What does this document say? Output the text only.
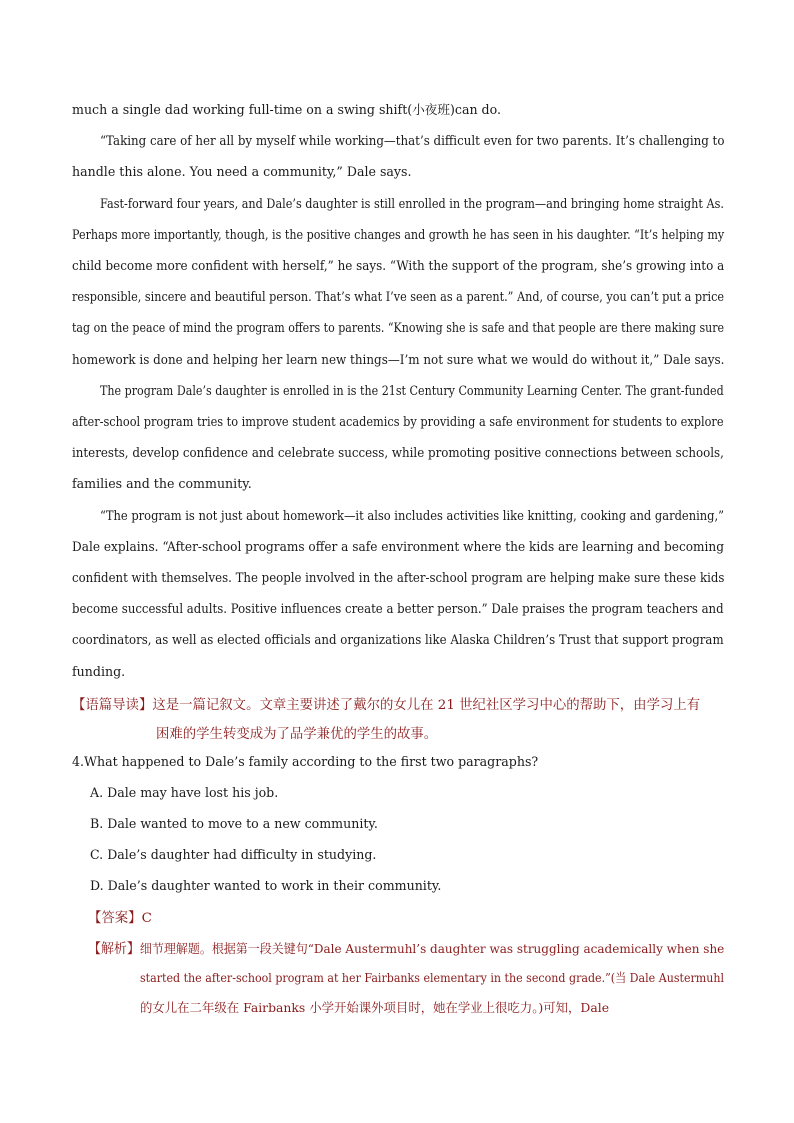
much a single dad working full-time on a swing shift(小夜班)can do.
“Taking care of her all by myself while working—that’s difficult even for two parents. It’s challenging to
handle this alone. You need a community,” Dale says.
Fast-forward four years, and Dale’s daughter is still enrolled in the program—and bringing home straight As.
Perhaps more importantly, though, is the positive changes and growth he has seen in his daughter. “It’s helping my
child become more confident with herself,” he says. “With the support of the program, she’s growing into a
responsible, sincere and beautiful person. That’s what I’ve seen as a parent.” And, of course, you can’t put a price
tag on the peace of mind the program offers to parents. “Knowing she is safe and that people are there making sure
homework is done and helping her learn new things—I’m not sure what we would do without it,” Dale says.
The program Dale’s daughter is enrolled in is the 21st Century Community Learning Center. The grant-funded
after-school program tries to improve student academics by providing a safe environment for students to explore
interests, develop confidence and celebrate success, while promoting positive connections between schools,
families and the community.
“The program is not just about homework—it also includes activities like knitting, cooking and gardening,”
Dale explains. “After-school programs offer a safe environment where the kids are learning and becoming
confident with themselves. The people involved in the after-school program are helping make sure these kids
become successful adults. Positive influences create a better person.” Dale praises the program teachers and
coordinators, as well as elected officials and organizations like Alaska Children’s Trust that support program
funding.
【语篇导读】这是一篇记叙文。文章主要讲述了戴尔的女儿在 21 世纪社区学习中心的帮助下，由学习上有
困难的学生转变成为了品学兼优的学生的故事。
4.What happened to Dale’s family according to the first two paragraphs?
A. Dale may have lost his job.
B. Dale wanted to move to a new community.
C. Dale’s daughter had difficulty in studying.
D. Dale’s daughter wanted to work in their community.
【答案】C
【解析】细节理解题。根据第一段关键句“Dale Austermuhl’s daughter was struggling academically when she
started the after-school program at her Fairbanks elementary in the second grade.”(当 Dale Austermuhl
的女儿在二年级在 Fairbanks 小学开始课外项目时，她在学业上很吃力。)可知，Dale
